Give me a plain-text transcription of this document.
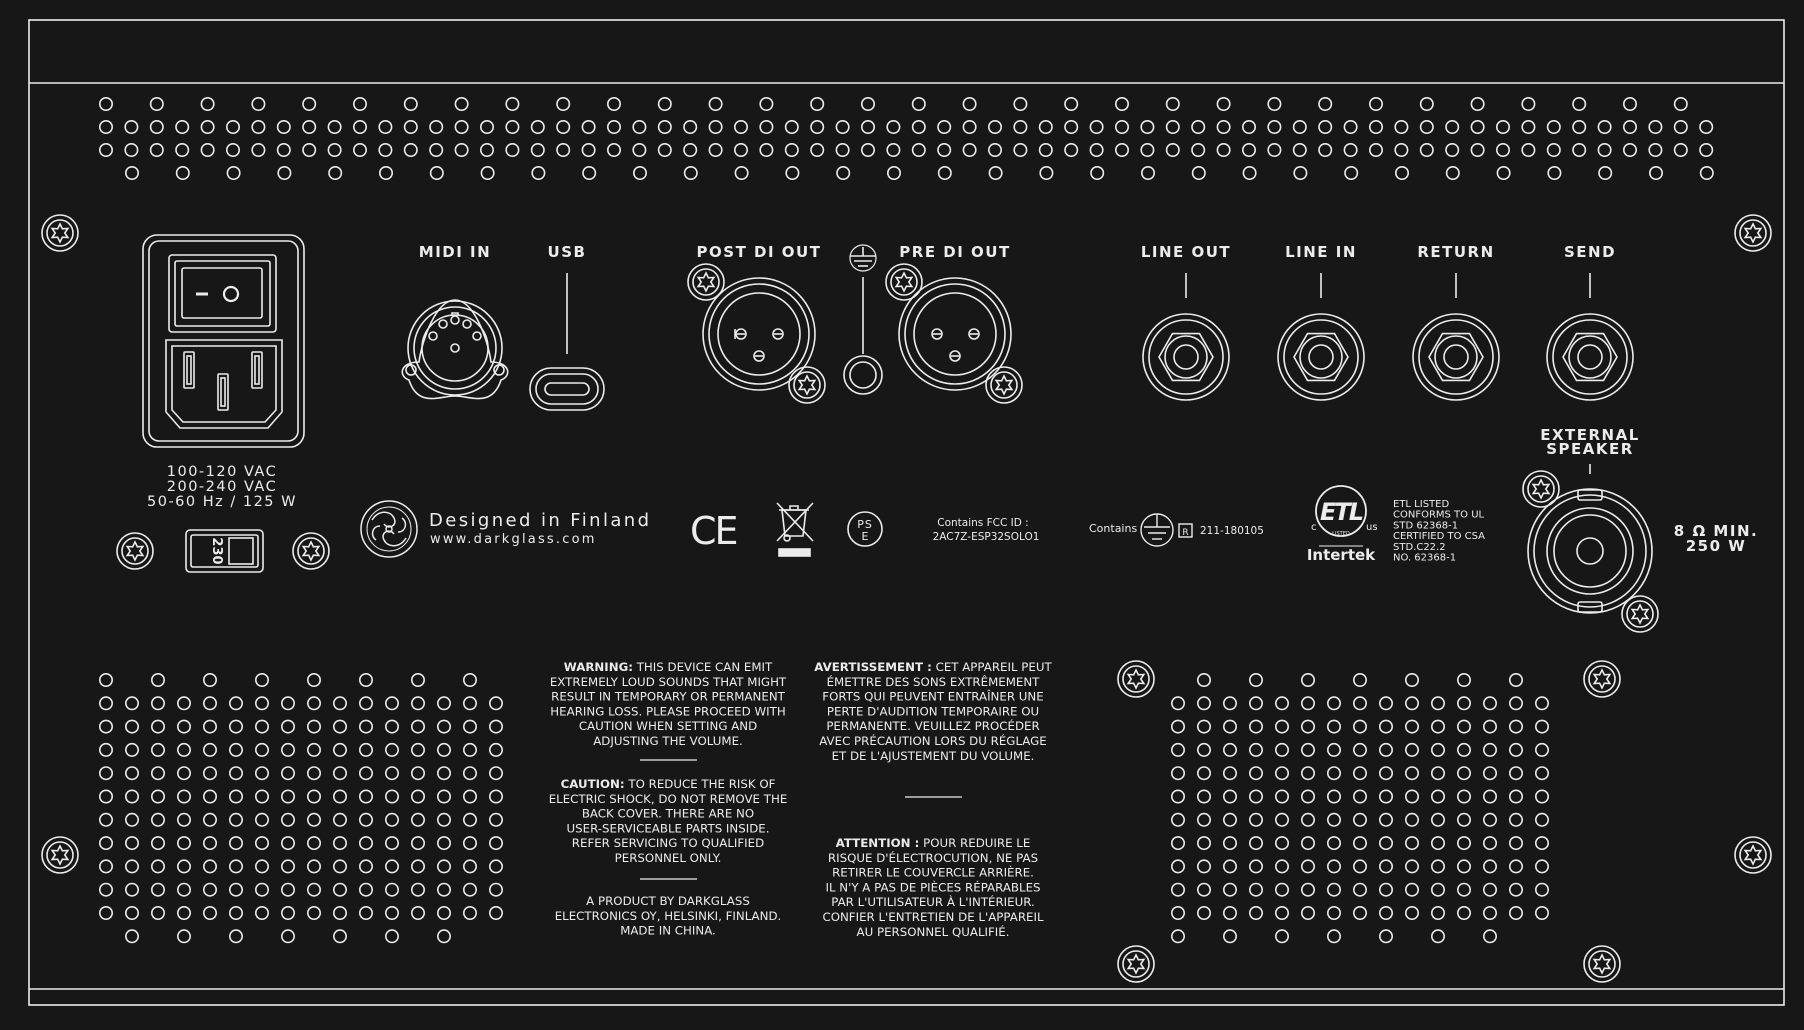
100-120 VAC
200-240 VAC
50-60 Hz / 125 W
230
MIDI IN	USB	POST DI OUT	PRE DI OUT	LINE OUT	LINE IN	RETURN	SEND
EXTERNAL
SPEAKER
8 Ω MIN.
250 W
Designed in Finland
www.darkglass.com CE	PS
E
Contains FCC ID :
2AC7Z-ESP32SOLO1
Contains	R 211-180105
ETL
LISTED
c	us
Intertek
ETL LISTED
CONFORMS TO UL
STD 62368-1
CERTIFIED TO CSA
STD.C22.2
NO. 62368-1
WARNING: THIS DEVICE CAN EMIT
EXTREMELY LOUD SOUNDS THAT MIGHT
RESULT IN TEMPORARY OR PERMANENT
HEARING LOSS. PLEASE PROCEED WITH
CAUTION WHEN SETTING AND
ADJUSTING THE VOLUME.
CAUTION: TO REDUCE THE RISK OF
ELECTRIC SHOCK, DO NOT REMOVE THE
BACK COVER. THERE ARE NO
USER-SERVICEABLE PARTS INSIDE.
REFER SERVICING TO QUALIFIED
PERSONNEL ONLY.
A PRODUCT BY DARKGLASS
ELECTRONICS OY, HELSINKI, FINLAND.
MADE IN CHINA.
AVERTISSEMENT : CET APPAREIL PEUT
ÉMETTRE DES SONS EXTRÊMEMENT
FORTS QUI PEUVENT ENTRAÎNER UNE
PERTE D'AUDITION TEMPORAIRE OU
PERMANENTE. VEUILLEZ PROCÉDER
AVEC PRÉCAUTION LORS DU RÉGLAGE
ET DE L'AJUSTEMENT DU VOLUME.
ATTENTION : POUR REDUIRE LE
RISQUE D'ÉLECTROCUTION, NE PAS
RETIRER LE COUVERCLE ARRIÈRE.
IL N'Y A PAS DE PIÈCES RÉPARABLES
PAR L'UTILISATEUR À L'INTÉRIEUR.
CONFIER L'ENTRETIEN DE L'APPAREIL
AU PERSONNEL QUALIFIÉ.
